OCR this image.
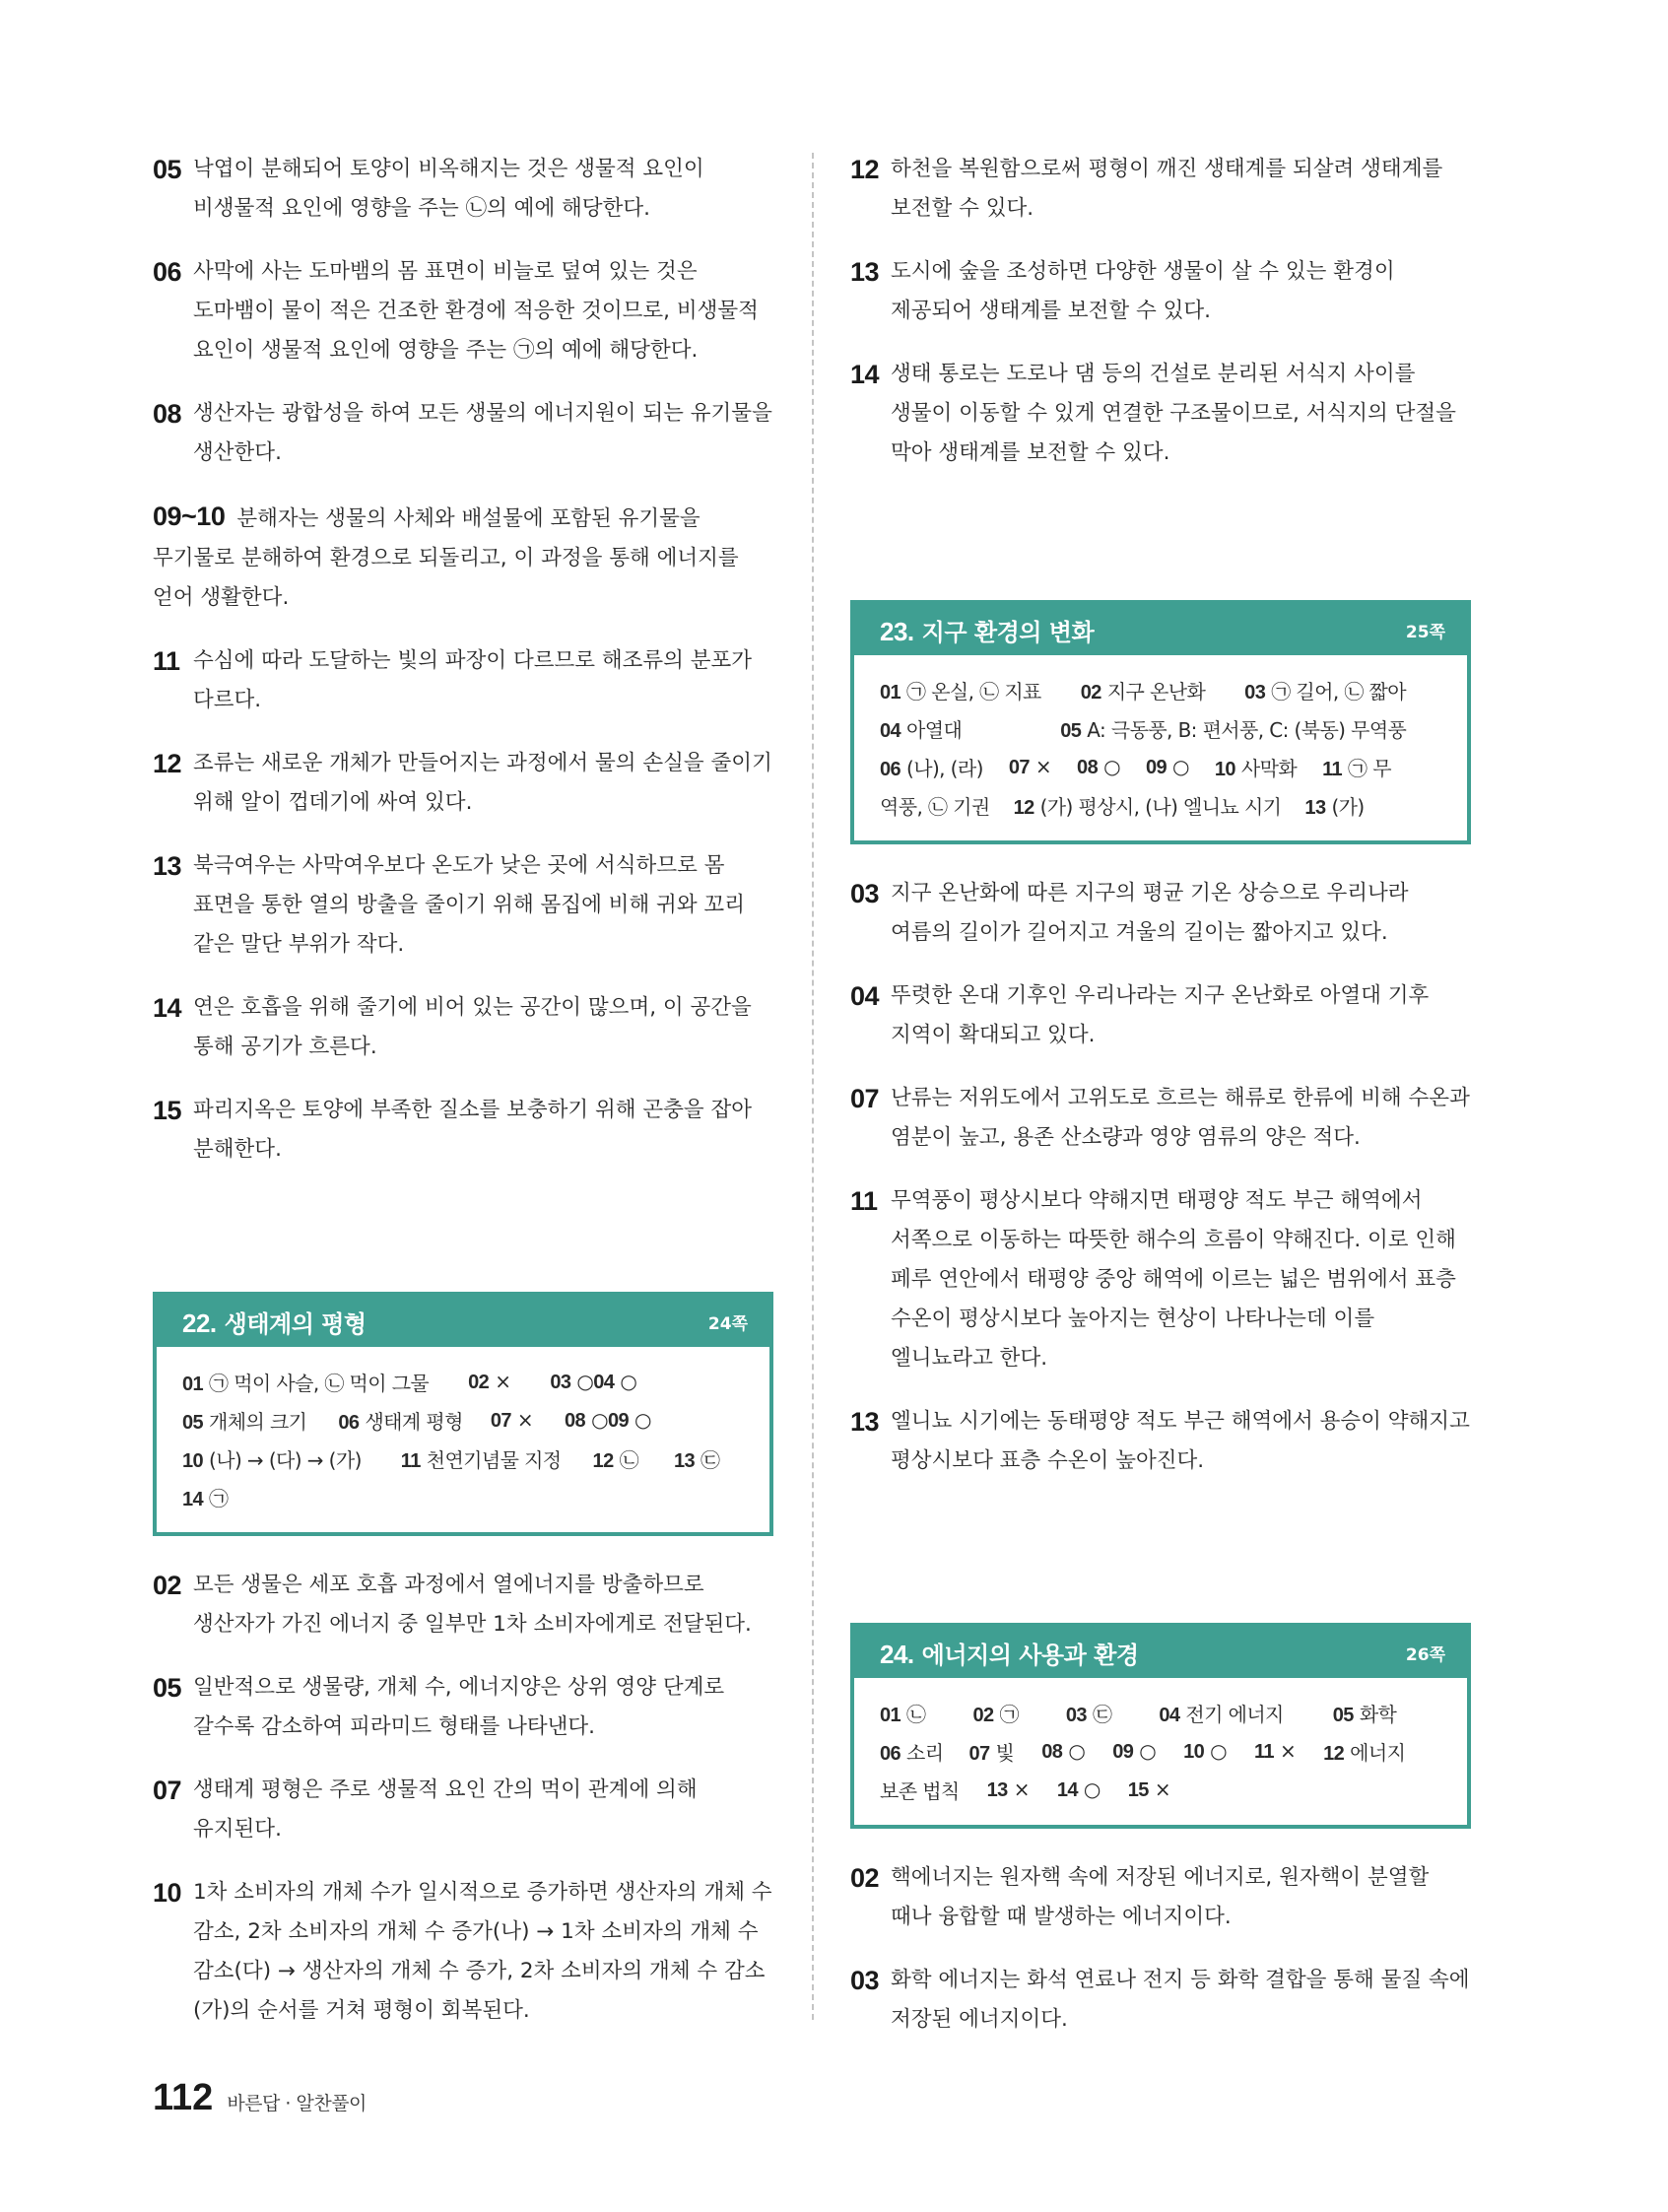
05 낙엽이 분해되어 토양이 비옥해지는 것은 생물적 요인이 비생물적 요인에 영향을 주는 ㉡의 예에 해당한다.
06 사막에 사는 도마뱀의 몸 표면이 비늘로 덮여 있는 것은 도마뱀이 물이 적은 건조한 환경에 적응한 것이므로, 비생물적 요인이 생물적 요인에 영향을 주는 ㉠의 예에 해당한다.
08 생산자는 광합성을 하여 모든 생물의 에너지원이 되는 유기물을 생산한다.
09~10 분해자는 생물의 사체와 배설물에 포함된 유기물을 무기물로 분해하여 환경으로 되돌리고, 이 과정을 통해 에너지를 얻어 생활한다.
11 수심에 따라 도달하는 빛의 파장이 다르므로 해조류의 분포가 다르다.
12 조류는 새로운 개체가 만들어지는 과정에서 물의 손실을 줄이기 위해 알이 껍데기에 싸여 있다.
13 북극여우는 사막여우보다 온도가 낮은 곳에 서식하므로 몸 표면을 통한 열의 방출을 줄이기 위해 몸집에 비해 귀와 꼬리 같은 말단 부위가 작다.
14 연은 호흡을 위해 줄기에 비어 있는 공간이 많으며, 이 공간을 통해 공기가 흐른다.
15 파리지옥은 토양에 부족한 질소를 보충하기 위해 곤충을 잡아 분해한다.
22. 생태계의 평형	24쪽
01 ㉠ 먹이 사슬, ㉡ 먹이 그물 02 × 03 ○ 04 ○
05 개체의 크기 06 생태계 평형 07 × 08 ○ 09 ○
10 (나) → (다) → (가) 11 천연기념물 지정 12 ㉡ 13 ㉢
14 ㉠
02 모든 생물은 세포 호흡 과정에서 열에너지를 방출하므로 생산자가 가진 에너지 중 일부만 1차 소비자에게로 전달된다.
05 일반적으로 생물량, 개체 수, 에너지양은 상위 영양 단계로 갈수록 감소하여 피라미드 형태를 나타낸다.
07 생태계 평형은 주로 생물적 요인 간의 먹이 관계에 의해 유지된다.
10 1차 소비자의 개체 수가 일시적으로 증가하면 생산자의 개체 수 감소, 2차 소비자의 개체 수 증가(나) → 1차 소비자의 개체 수 감소(다) → 생산자의 개체 수 증가, 2차 소비자의 개체 수 감소(가)의 순서를 거쳐 평형이 회복된다.
12 하천을 복원함으로써 평형이 깨진 생태계를 되살려 생태계를 보전할 수 있다.
13 도시에 숲을 조성하면 다양한 생물이 살 수 있는 환경이 제공되어 생태계를 보전할 수 있다.
14 생태 통로는 도로나 댐 등의 건설로 분리된 서식지 사이를 생물이 이동할 수 있게 연결한 구조물이므로, 서식지의 단절을 막아 생태계를 보전할 수 있다.
23. 지구 환경의 변화	25쪽
01 ㉠ 온실, ㉡ 지표 02 지구 온난화 03 ㉠ 길어, ㉡ 짧아
04 아열대	05 A: 극동풍, B: 편서풍, C: (북동) 무역풍
06 (나), (라) 07 × 08 ○ 09 ○ 10 사막화 11 ㉠ 무
역풍, ㉡ 기권 12 (가) 평상시, (나) 엘니뇨 시기 13 (가)
03 지구 온난화에 따른 지구의 평균 기온 상승으로 우리나라 여름의 길이가 길어지고 겨울의 길이는 짧아지고 있다.
04 뚜렷한 온대 기후인 우리나라는 지구 온난화로 아열대 기후 지역이 확대되고 있다.
07 난류는 저위도에서 고위도로 흐르는 해류로 한류에 비해 수온과 염분이 높고, 용존 산소량과 영양 염류의 양은 적다.
11 무역풍이 평상시보다 약해지면 태평양 적도 부근 해역에서 서쪽으로 이동하는 따뜻한 해수의 흐름이 약해진다. 이로 인해 페루 연안에서 태평양 중앙 해역에 이르는 넓은 범위에서 표층 수온이 평상시보다 높아지는 현상이 나타나는데 이를 엘니뇨라고 한다.
13 엘니뇨 시기에는 동태평양 적도 부근 해역에서 용승이 약해지고 평상시보다 표층 수온이 높아진다.
24. 에너지의 사용과 환경	26쪽
01 ㉡ 02 ㉠ 03 ㉢ 04 전기 에너지	05 화학
06 소리 07 빛 08 ○ 09 ○ 10 ○ 11 × 12 에너지
보존 법칙 13 × 14 ○ 15 ×
02 핵에너지는 원자핵 속에 저장된 에너지로, 원자핵이 분열할 때나 융합할 때 발생하는 에너지이다.
03 화학 에너지는 화석 연료나 전지 등 화학 결합을 통해 물질 속에 저장된 에너지이다.
112 바른답 · 알찬풀이
